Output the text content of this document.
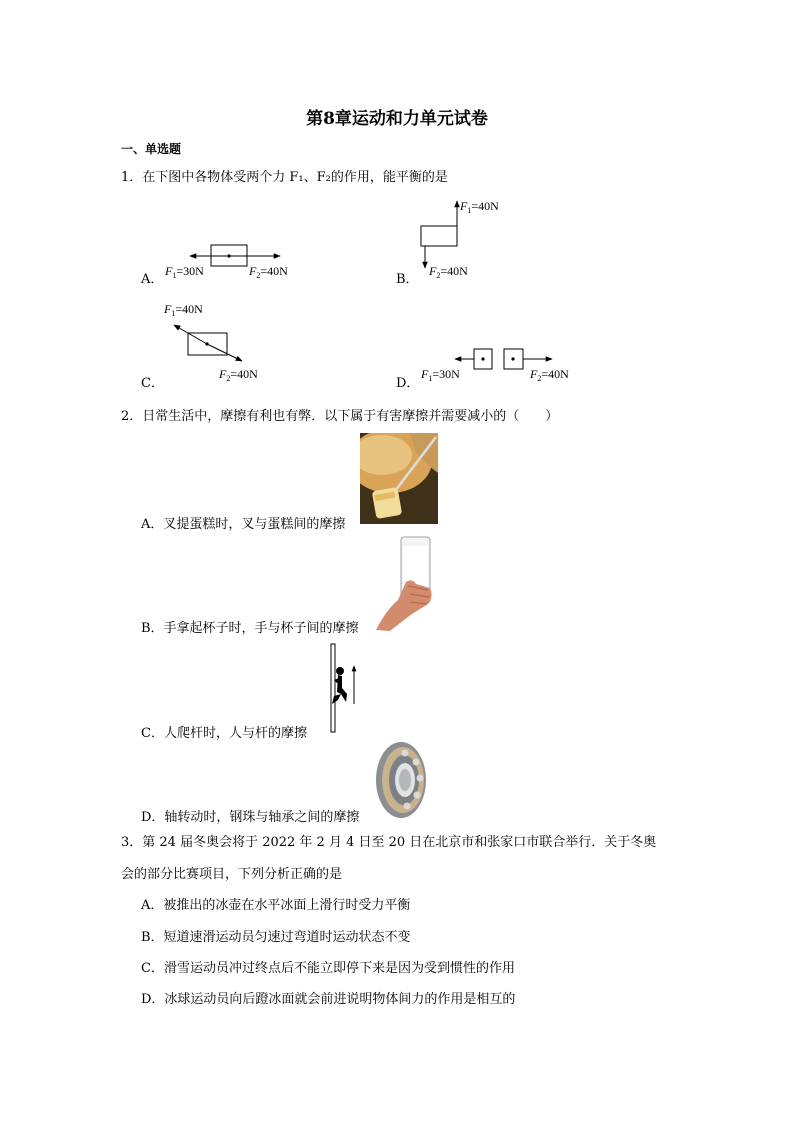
第8章运动和力单元试卷
一、单选题
1．在下图中各物体受两个力 F₁、F₂的作用，能平衡的是
A．
$F_1=30N$	$F_2=40N$
B．
$F_1=40N$
$F_2=40N$
C．
$F_1=40N$
$F_2=40N$
D．
$F_1=30N$	$F_2=40N$
2．日常生活中，摩擦有利也有弊．以下属于有害摩擦并需要减小的（　　）
A．叉提蛋糕时，叉与蛋糕间的摩擦
B．手拿起杯子时，手与杯子间的摩擦
C．人爬杆时，人与杆的摩擦
D．轴转动时，钢珠与轴承之间的摩擦
3．第 24 届冬奥会将于 2022 年 2 月 4 日至 20 日在北京市和张家口市联合举行．关于冬奥
会的部分比赛项目，下列分析正确的是
A．被推出的冰壶在水平冰面上滑行时受力平衡
B．短道速滑运动员匀速过弯道时运动状态不变
C．滑雪运动员冲过终点后不能立即停下来是因为受到惯性的作用
D．冰球运动员向后蹬冰面就会前进说明物体间力的作用是相互的
